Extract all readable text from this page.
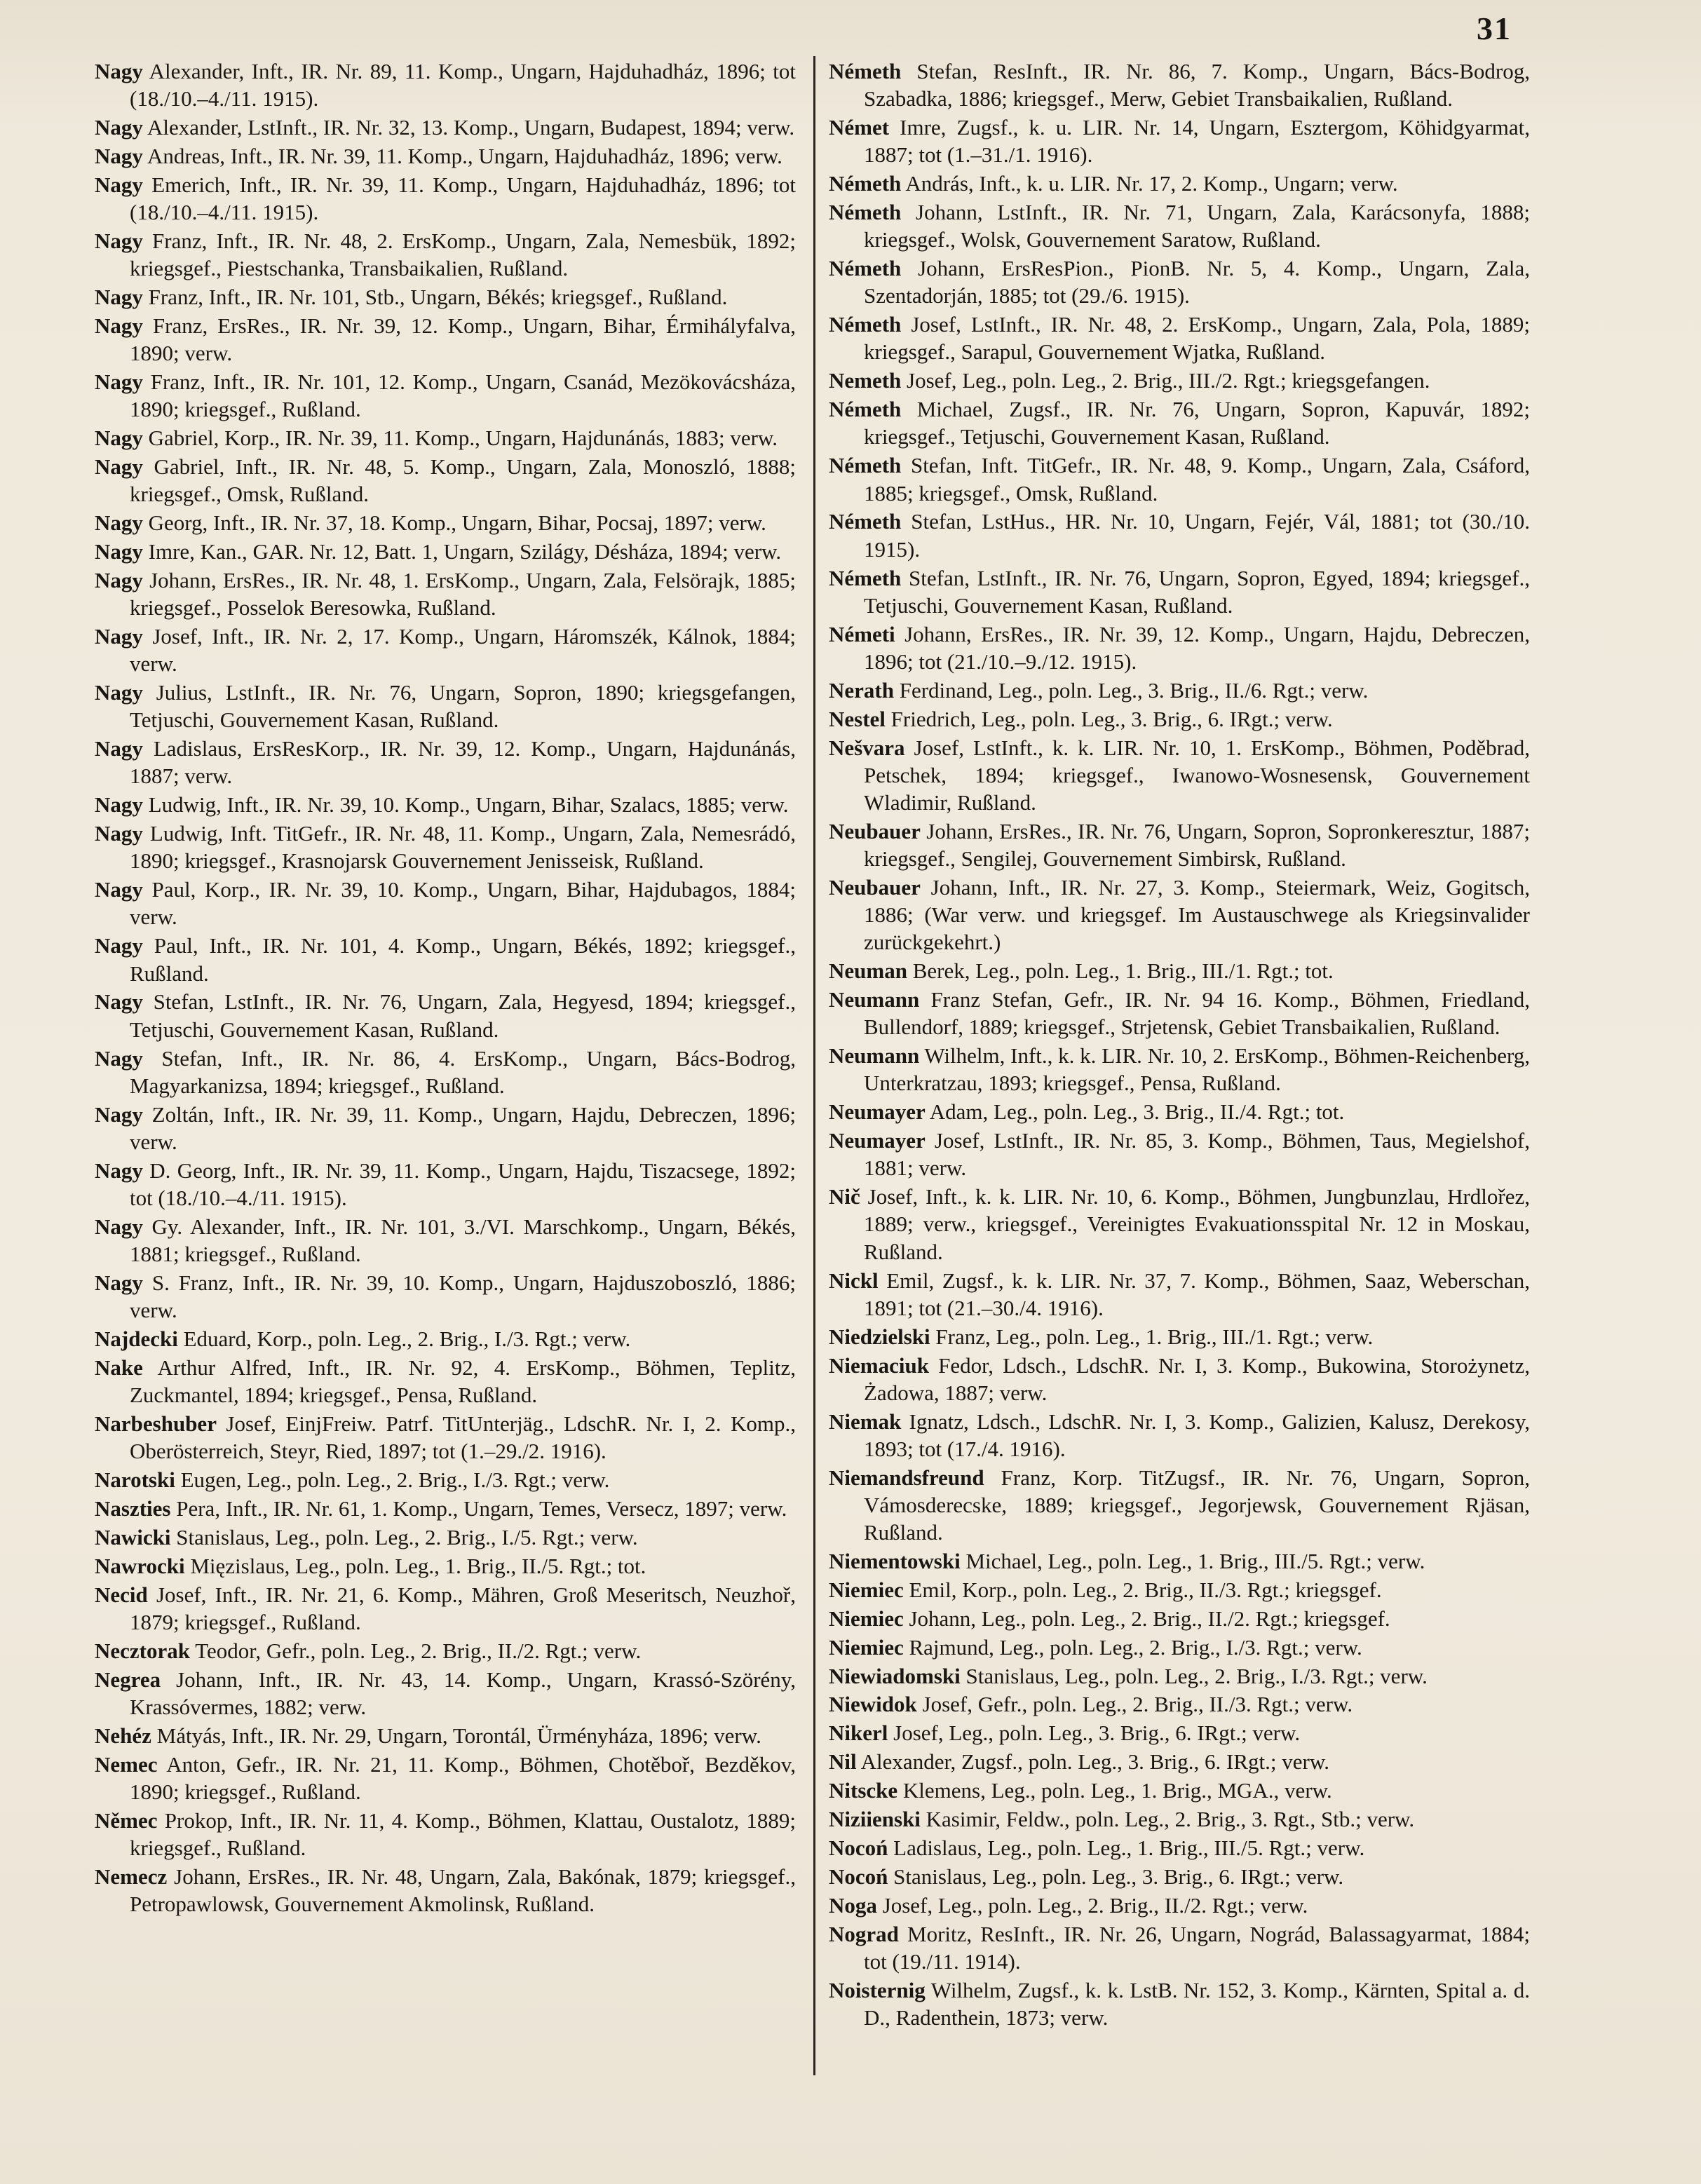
31

Nagy Alexander, Inft., IR. Nr. 89, 11. Komp., Ungarn, Hajduhadház, 1896; tot (18./10.–4./11. 1915).

Nagy Alexander, LstInft., IR. Nr. 32, 13. Komp., Ungarn, Budapest, 1894; verw.

Nagy Andreas, Inft., IR. Nr. 39, 11. Komp., Ungarn, Hajduhadház, 1896; verw.

Nagy Emerich, Inft., IR. Nr. 39, 11. Komp., Ungarn, Hajduhadház, 1896; tot (18./10.–4./11. 1915).

Nagy Franz, Inft., IR. Nr. 48, 2. ErsKomp., Ungarn, Zala, Nemesbük, 1892; kriegsgef., Piestschanka, Transbaikalien, Rußland.

Nagy Franz, Inft., IR. Nr. 101, Stb., Ungarn, Békés; kriegsgef., Rußland.

Nagy Franz, ErsRes., IR. Nr. 39, 12. Komp., Ungarn, Bihar, Érmihályfalva, 1890; verw.

Nagy Franz, Inft., IR. Nr. 101, 12. Komp., Ungarn, Csanád, Mezökovácsháza, 1890; kriegsgef., Rußland.

Nagy Gabriel, Korp., IR. Nr. 39, 11. Komp., Ungarn, Hajdunánás, 1883; verw.

Nagy Gabriel, Inft., IR. Nr. 48, 5. Komp., Ungarn, Zala, Monoszló, 1888; kriegsgef., Omsk, Rußland.

Nagy Georg, Inft., IR. Nr. 37, 18. Komp., Ungarn, Bihar, Pocsaj, 1897; verw.

Nagy Imre, Kan., GAR. Nr. 12, Batt. 1, Ungarn, Szilágy, Désháza, 1894; verw.

Nagy Johann, ErsRes., IR. Nr. 48, 1. ErsKomp., Ungarn, Zala, Felsörajk, 1885; kriegsgef., Posselok Beresowka, Rußland.

Nagy Josef, Inft., IR. Nr. 2, 17. Komp., Ungarn, Háromszék, Kálnok, 1884; verw.

Nagy Julius, LstInft., IR. Nr. 76, Ungarn, Sopron, 1890; kriegsgefangen, Tetjuschi, Gouvernement Kasan, Rußland.

Nagy Ladislaus, ErsResKorp., IR. Nr. 39, 12. Komp., Ungarn, Hajdunánás, 1887; verw.

Nagy Ludwig, Inft., IR. Nr. 39, 10. Komp., Ungarn, Bihar, Szalacs, 1885; verw.

Nagy Ludwig, Inft. TitGefr., IR. Nr. 48, 11. Komp., Ungarn, Zala, Nemesrádó, 1890; kriegsgef., Krasnojarsk Gouvernement Jenisseisk, Rußland.

Nagy Paul, Korp., IR. Nr. 39, 10. Komp., Ungarn, Bihar, Hajdubagos, 1884; verw.

Nagy Paul, Inft., IR. Nr. 101, 4. Komp., Ungarn, Békés, 1892; kriegsgef., Rußland.

Nagy Stefan, LstInft., IR. Nr. 76, Ungarn, Zala, Hegyesd, 1894; kriegsgef., Tetjuschi, Gouvernement Kasan, Rußland.

Nagy Stefan, Inft., IR. Nr. 86, 4. ErsKomp., Ungarn, Bács-Bodrog, Magyarkanizsa, 1894; kriegsgef., Rußland.

Nagy Zoltán, Inft., IR. Nr. 39, 11. Komp., Ungarn, Hajdu, Debreczen, 1896; verw.

Nagy D. Georg, Inft., IR. Nr. 39, 11. Komp., Ungarn, Hajdu, Tiszacsege, 1892; tot (18./10.–4./11. 1915).

Nagy Gy. Alexander, Inft., IR. Nr. 101, 3./VI. Marschkomp., Ungarn, Békés, 1881; kriegsgef., Rußland.

Nagy S. Franz, Inft., IR. Nr. 39, 10. Komp., Ungarn, Hajduszoboszló, 1886; verw.

Najdecki Eduard, Korp., poln. Leg., 2. Brig., I./3. Rgt.; verw.

Nake Arthur Alfred, Inft., IR. Nr. 92, 4. ErsKomp., Böhmen, Teplitz, Zuckmantel, 1894; kriegsgef., Pensa, Rußland.

Narbeshuber Josef, EinjFreiw. Patrf. TitUnterjäg., LdschR. Nr. I, 2. Komp., Oberösterreich, Steyr, Ried, 1897; tot (1.–29./2. 1916).

Narotski Eugen, Leg., poln. Leg., 2. Brig., I./3. Rgt.; verw.

Naszties Pera, Inft., IR. Nr. 61, 1. Komp., Ungarn, Temes, Versecz, 1897; verw.

Nawicki Stanislaus, Leg., poln. Leg., 2. Brig., I./5. Rgt.; verw.

Nawrocki Mięzislaus, Leg., poln. Leg., 1. Brig., II./5. Rgt.; tot.

Necid Josef, Inft., IR. Nr. 21, 6. Komp., Mähren, Groß Meseritsch, Neuzhoř, 1879; kriegsgef., Rußland.

Necztorak Teodor, Gefr., poln. Leg., 2. Brig., II./2. Rgt.; verw.

Negrea Johann, Inft., IR. Nr. 43, 14. Komp., Ungarn, Krassó-Szörény, Krassóvermes, 1882; verw.

Nehéz Mátyás, Inft., IR. Nr. 29, Ungarn, Torontál, Ürményháza, 1896; verw.

Nemec Anton, Gefr., IR. Nr. 21, 11. Komp., Böhmen, Chotěboř, Bezděkov, 1890; kriegsgef., Rußland.

Němec Prokop, Inft., IR. Nr. 11, 4. Komp., Böhmen, Klattau, Oustalotz, 1889; kriegsgef., Rußland.

Nemecz Johann, ErsRes., IR. Nr. 48, Ungarn, Zala, Bakónak, 1879; kriegsgef., Petropawlowsk, Gouvernement Akmolinsk, Rußland.

Németh Stefan, ResInft., IR. Nr. 86, 7. Komp., Ungarn, Bács-Bodrog, Szabadka, 1886; kriegsgef., Merw, Gebiet Transbaikalien, Rußland.

Német Imre, Zugsf., k. u. LIR. Nr. 14, Ungarn, Esztergom, Köhidgyarmat, 1887; tot (1.–31./1. 1916).

Németh András, Inft., k. u. LIR. Nr. 17, 2. Komp., Ungarn; verw.

Németh Johann, LstInft., IR. Nr. 71, Ungarn, Zala, Karácsonyfa, 1888; kriegsgef., Wolsk, Gouvernement Saratow, Rußland.

Németh Johann, ErsResPion., PionB. Nr. 5, 4. Komp., Ungarn, Zala, Szentadorján, 1885; tot (29./6. 1915).

Németh Josef, LstInft., IR. Nr. 48, 2. ErsKomp., Ungarn, Zala, Pola, 1889; kriegsgef., Sarapul, Gouvernement Wjatka, Rußland.

Nemeth Josef, Leg., poln. Leg., 2. Brig., III./2. Rgt.; kriegsgefangen.

Németh Michael, Zugsf., IR. Nr. 76, Ungarn, Sopron, Kapuvár, 1892; kriegsgef., Tetjuschi, Gouvernement Kasan, Rußland.

Németh Stefan, Inft. TitGefr., IR. Nr. 48, 9. Komp., Ungarn, Zala, Csáford, 1885; kriegsgef., Omsk, Rußland.

Németh Stefan, LstHus., HR. Nr. 10, Ungarn, Fejér, Vál, 1881; tot (30./10. 1915).

Németh Stefan, LstInft., IR. Nr. 76, Ungarn, Sopron, Egyed, 1894; kriegsgef., Tetjuschi, Gouvernement Kasan, Rußland.

Németi Johann, ErsRes., IR. Nr. 39, 12. Komp., Ungarn, Hajdu, Debreczen, 1896; tot (21./10.–9./12. 1915).

Nerath Ferdinand, Leg., poln. Leg., 3. Brig., II./6. Rgt.; verw.

Nestel Friedrich, Leg., poln. Leg., 3. Brig., 6. IRgt.; verw.

Nešvara Josef, LstInft., k. k. LIR. Nr. 10, 1. ErsKomp., Böhmen, Poděbrad, Petschek, 1894; kriegsgef., Iwanowo-Wosnesensk, Gouvernement Wladimir, Rußland.

Neubauer Johann, ErsRes., IR. Nr. 76, Ungarn, Sopron, Sopronkeresztur, 1887; kriegsgef., Sengilej, Gouvernement Simbirsk, Rußland.

Neubauer Johann, Inft., IR. Nr. 27, 3. Komp., Steiermark, Weiz, Gogitsch, 1886; (War verw. und kriegsgef. Im Austauschwege als Kriegsinvalider zurückgekehrt.)

Neuman Berek, Leg., poln. Leg., 1. Brig., III./1. Rgt.; tot.

Neumann Franz Stefan, Gefr., IR. Nr. 94 16. Komp., Böhmen, Friedland, Bullendorf, 1889; kriegsgef., Strjetensk, Gebiet Transbaikalien, Rußland.

Neumann Wilhelm, Inft., k. k. LIR. Nr. 10, 2. ErsKomp., Böhmen-Reichenberg, Unterkratzau, 1893; kriegsgef., Pensa, Rußland.

Neumayer Adam, Leg., poln. Leg., 3. Brig., II./4. Rgt.; tot.

Neumayer Josef, LstInft., IR. Nr. 85, 3. Komp., Böhmen, Taus, Megielshof, 1881; verw.

Nič Josef, Inft., k. k. LIR. Nr. 10, 6. Komp., Böhmen, Jungbunzlau, Hrdlořez, 1889; verw., kriegsgef., Vereinigtes Evakuationsspital Nr. 12 in Moskau, Rußland.

Nickl Emil, Zugsf., k. k. LIR. Nr. 37, 7. Komp., Böhmen, Saaz, Weberschan, 1891; tot (21.–30./4. 1916).

Niedzielski Franz, Leg., poln. Leg., 1. Brig., III./1. Rgt.; verw.

Niemaciuk Fedor, Ldsch., LdschR. Nr. I, 3. Komp., Bukowina, Storożynetz, Żadowa, 1887; verw.

Niemak Ignatz, Ldsch., LdschR. Nr. I, 3. Komp., Galizien, Kalusz, Derekosy, 1893; tot (17./4. 1916).

Niemandsfreund Franz, Korp. TitZugsf., IR. Nr. 76, Ungarn, Sopron, Vámosderecske, 1889; kriegsgef., Jegorjewsk, Gouvernement Rjäsan, Rußland.

Niementowski Michael, Leg., poln. Leg., 1. Brig., III./5. Rgt.; verw.

Niemiec Emil, Korp., poln. Leg., 2. Brig., II./3. Rgt.; kriegsgef.

Niemiec Johann, Leg., poln. Leg., 2. Brig., II./2. Rgt.; kriegsgef.

Niemiec Rajmund, Leg., poln. Leg., 2. Brig., I./3. Rgt.; verw.

Niewiadomski Stanislaus, Leg., poln. Leg., 2. Brig., I./3. Rgt.; verw.

Niewidok Josef, Gefr., poln. Leg., 2. Brig., II./3. Rgt.; verw.

Nikerl Josef, Leg., poln. Leg., 3. Brig., 6. IRgt.; verw.

Nil Alexander, Zugsf., poln. Leg., 3. Brig., 6. IRgt.; verw.

Nitscke Klemens, Leg., poln. Leg., 1. Brig., MGA., verw.

Niziienski Kasimir, Feldw., poln. Leg., 2. Brig., 3. Rgt., Stb.; verw.

Nocoń Ladislaus, Leg., poln. Leg., 1. Brig., III./5. Rgt.; verw.

Nocoń Stanislaus, Leg., poln. Leg., 3. Brig., 6. IRgt.; verw.

Noga Josef, Leg., poln. Leg., 2. Brig., II./2. Rgt.; verw.

Nograd Moritz, ResInft., IR. Nr. 26, Ungarn, Nográd, Balassagyarmat, 1884; tot (19./11. 1914).

Noisternig Wilhelm, Zugsf., k. k. LstB. Nr. 152, 3. Komp., Kärnten, Spital a. d. D., Radenthein, 1873; verw.
